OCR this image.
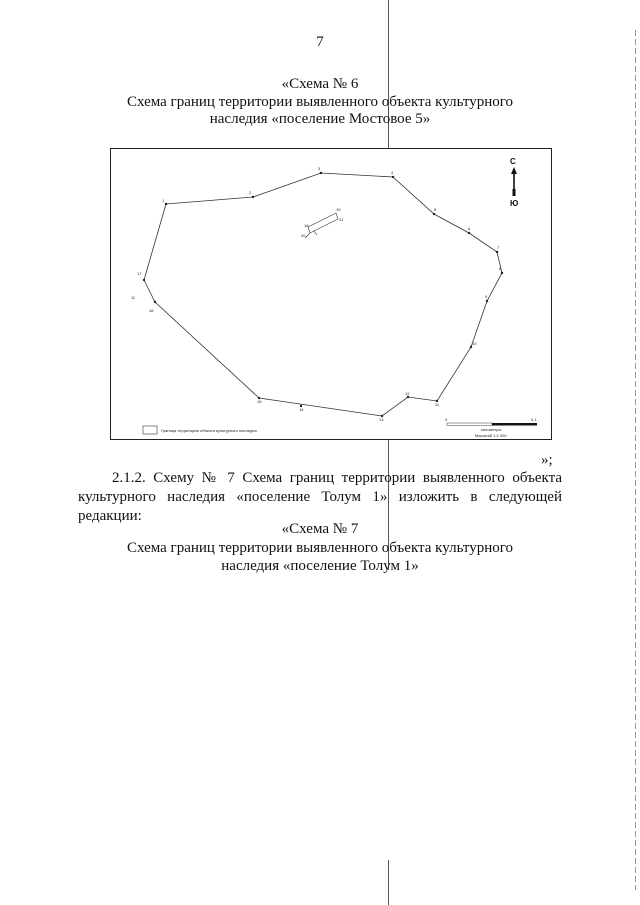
7
«Схема № 6
Схема границ территории выявленного объекта культурного
наследия «поселение Мостовое 5»
1
2
3
4
5
6
7
8
9
10
11
12
13
14
15
16
11
17
18
19
20
21
С
Ю
Граница территории объекта культурного наследия
0	0,1
километры
Масштаб 1:2 000
»;
2.1.2. Схему № 7 Схема границ территории выявленного объекта культурного наследия «поселение Толум 1» изложить в следующей редакции:
«Схема № 7
Схема границ территории выявленного объекта культурного
наследия «поселение Толум 1»
